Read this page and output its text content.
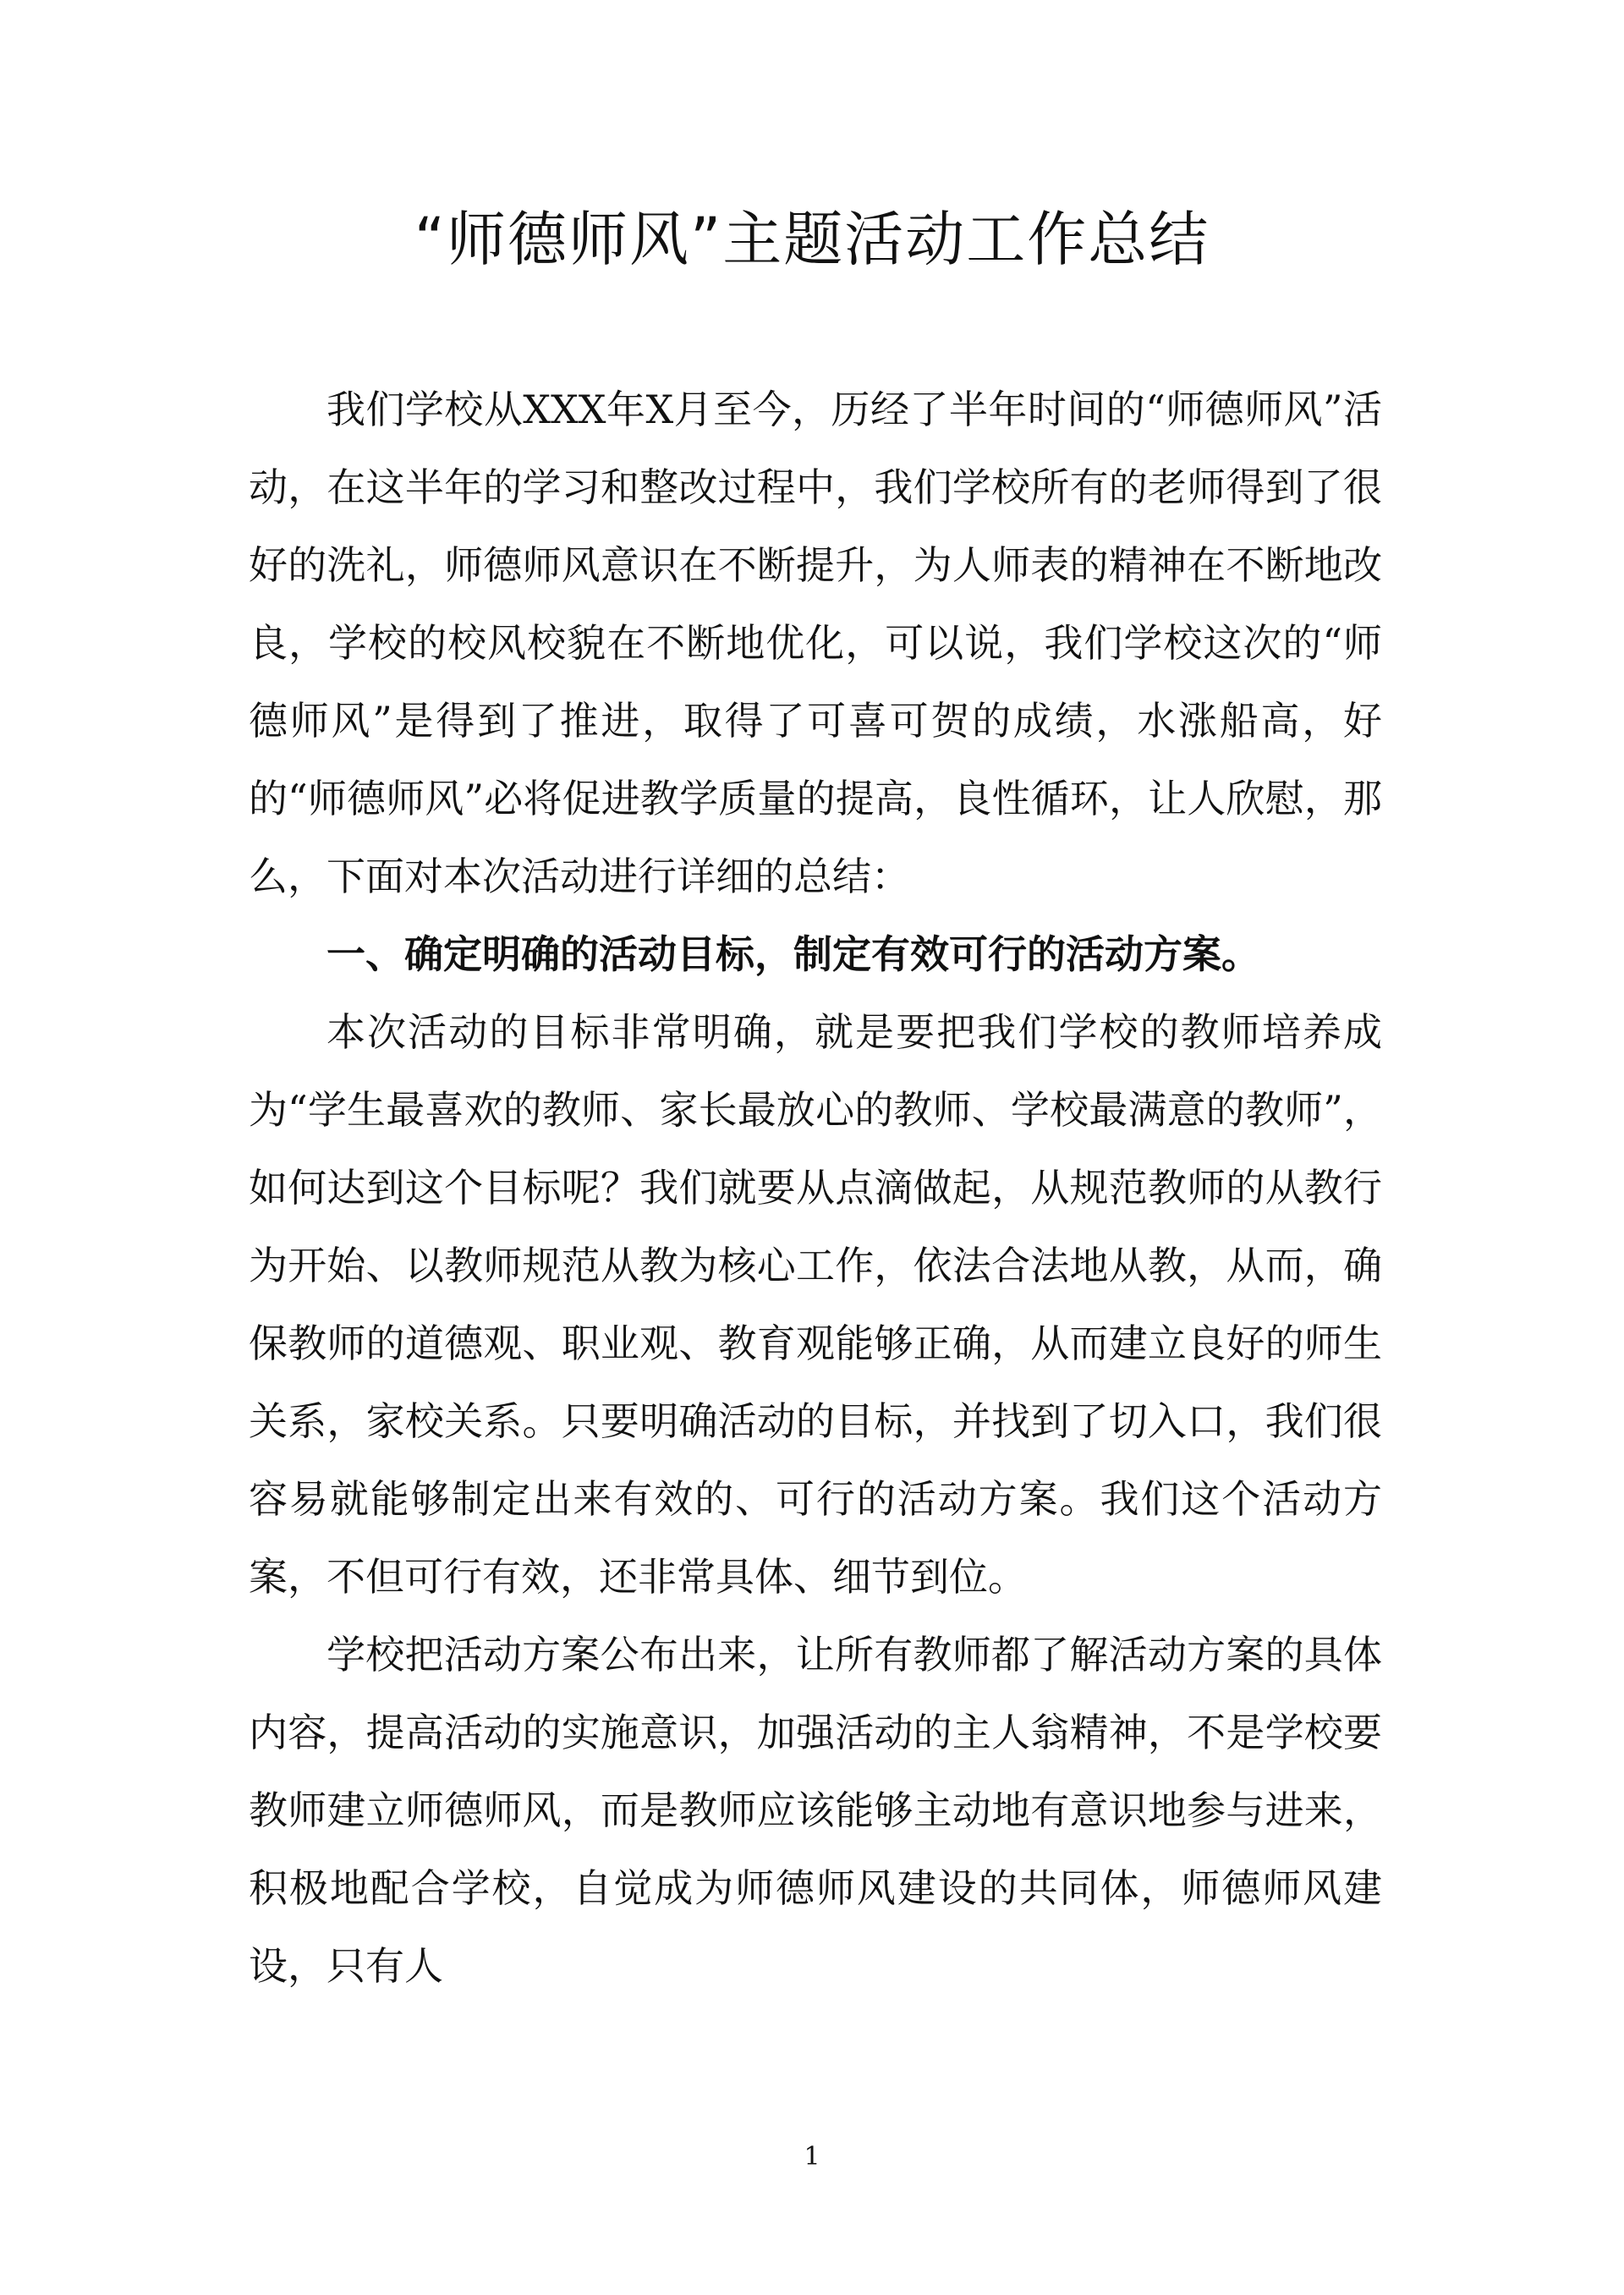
“师德师风”主题活动工作总结

我们学校从XXX年X月至今，历经了半年时间的“师德师风”活动，在这半年的学习和整改过程中，我们学校所有的老师得到了很好的洗礼，师德师风意识在不断提升，为人师表的精神在不断地改良，学校的校风校貌在不断地优化，可以说，我们学校这次的“师德师风”是得到了推进，取得了可喜可贺的成绩，水涨船高，好的“师德师风”必将促进教学质量的提高，良性循环，让人欣慰，那么，下面对本次活动进行详细的总结：

一、确定明确的活动目标，制定有效可行的活动方案。

本次活动的目标非常明确，就是要把我们学校的教师培养成为“学生最喜欢的教师、家长最放心的教师、学校最满意的教师”，如何达到这个目标呢？我们就要从点滴做起，从规范教师的从教行为开始、以教师规范从教为核心工作，依法合法地从教，从而，确保教师的道德观、职业观、教育观能够正确，从而建立良好的师生关系，家校关系。只要明确活动的目标，并找到了切入口，我们很容易就能够制定出来有效的、可行的活动方案。我们这个活动方案，不但可行有效，还非常具体、细节到位。

学校把活动方案公布出来，让所有教师都了解活动方案的具体内容，提高活动的实施意识，加强活动的主人翁精神，不是学校要教师建立师德师风，而是教师应该能够主动地有意识地参与进来，积极地配合学校，自觉成为师德师风建设的共同体，师德师风建设，只有人

1
